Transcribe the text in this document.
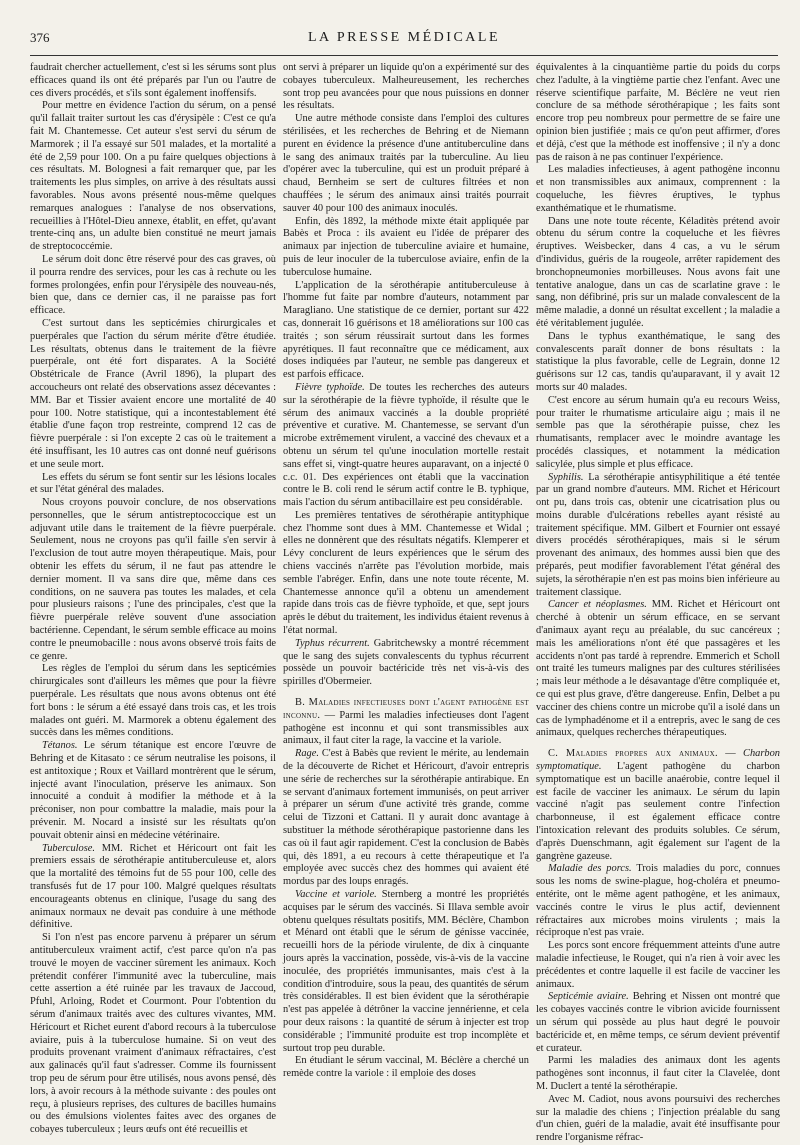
376	LA PRESSE MÉDICALE

faudrait chercher actuellement, c'est si les sérums sont plus efficaces quand ils ont été préparés par l'un ou l'autre de ces divers procédés, et s'ils sont également inoffensifs.

Pour mettre en évidence l'action du sérum, on a pensé qu'il fallait traiter surtout les cas d'érysipèle : C'est ce qu'a fait M. Chantemesse. Cet auteur s'est servi du sérum de Marmorek ; il l'a essayé sur 501 malades, et la mortalité a été de 2,59 pour 100. On a pu faire quelques objections à ces résultats. M. Bolognesi a fait remarquer que, par les traitements les plus simples, on arrive à des résultats aussi favorables. Nous avons présenté nous-même quelques remarques analogues : l'analyse de nos observations, recueillies à l'Hôtel-Dieu annexe, établit, en effet, qu'avant trente-cinq ans, un adulte bien constitué ne meurt jamais de streptococcémie.

Le sérum doit donc être réservé pour des cas graves, où il pourra rendre des services, pour les cas à rechute ou les formes prolongées, enfin pour l'érysipèle des nouveau-nés, bien que, dans ce dernier cas, il ne paraisse pas fort efficace.

C'est surtout dans les septicémies chirurgicales et puerpérales que l'action du sérum mérite d'être étudiée. Les résultats, obtenus dans le traitement de la fièvre puerpérale, ont été fort disparates. A la Société Obstétricale de France (Avril 1896), la plupart des accoucheurs ont relaté des observations assez décevantes : MM. Bar et Tissier avaient encore une mortalité de 40 pour 100. Notre statistique, qui a incontestablement été établie d'une façon trop restreinte, comprend 12 cas de fièvre puerpérale : si l'on excepte 2 cas où le traitement a été insuffisant, les 10 autres cas ont donné neuf guérisons et une seule mort.

Les effets du sérum se font sentir sur les lésions locales et sur l'état général des malades.

Nous croyons pouvoir conclure, de nos observations personnelles, que le sérum antistreptococcique est un adjuvant utile dans le traitement de la fièvre puerpérale. Seulement, nous ne croyons pas qu'il faille s'en servir à l'exclusion de tout autre moyen thérapeutique. Mais, pour obtenir les effets du sérum, il ne faut pas attendre le dernier moment. Il va sans dire que, même dans ces conditions, on ne sauvera pas toutes les malades, et cela pour plusieurs raisons ; l'une des principales, c'est que la fièvre puerpérale relève souvent d'une association bactérienne. Cependant, le sérum semble efficace au moins contre le pneumobacille : nous avons observé trois faits de ce genre.

Les règles de l'emploi du sérum dans les septicémies chirurgicales sont d'ailleurs les mêmes que pour la fièvre puerpérale. Les résultats que nous avons obtenus ont été fort bons : le sérum a été essayé dans trois cas, et les trois malades ont guéri. M. Marmorek a obtenu également des succès dans les mêmes conditions.

Tétanos. Le sérum tétanique est encore l'œuvre de Behring et de Kitasato : ce sérum neutralise les poisons, il est antitoxique ; Roux et Vaillard montrèrent que le sérum, injecté avant l'inoculation, préserve les animaux. Son innocuité a conduit à modifier la méthode et à la préconiser, non pour combattre la maladie, mais pour la prévenir. M. Nocard a insisté sur les résultats qu'on pouvait obtenir ainsi en médecine vétérinaire.

Tuberculose. MM. Richet et Héricourt ont fait les premiers essais de sérothérapie antituberculeuse et, alors que la mortalité des témoins fut de 55 pour 100, celle des transfusés fut de 17 pour 100. Malgré quelques résultats encourageants obtenus en clinique, l'usage du sang des animaux normaux ne devait pas conduire à une méthode définitive.

Si l'on n'est pas encore parvenu à préparer un sérum antituberculeux vraiment actif, c'est parce qu'on n'a pas trouvé le moyen de vacciner sûrement les animaux. Koch prétendit conférer l'immunité avec la tuberculine, mais cette assertion a été ruinée par les travaux de Jaccoud, Pfuhl, Arloing, Rodet et Courmont. Pour l'obtention du sérum d'animaux traités avec des cultures vivantes, MM. Héricourt et Richet eurent d'abord recours à la tuberculose aviaire, puis à la tuberculose humaine. Si on veut des produits provenant vraiment d'animaux réfractaires, c'est aux galinacés qu'il faut s'adresser. Comme ils fournissent trop peu de sérum pour être utilisés, nous avons pensé, dès lors, à avoir recours à la méthode suivante : des poules ont reçu, à plusieurs reprises, des cultures de bacilles humains ou des émulsions violentes faites avec des organes de cobayes tuberculeux ; leurs œufs ont été recueillis et

ont servi à préparer un liquide qu'on a expérimenté sur des cobayes tuberculeux. Malheureusement, les recherches sont trop peu avancées pour que nous puissions en donner les résultats.

Une autre méthode consiste dans l'emploi des cultures stérilisées, et les recherches de Behring et de Niemann purent en évidence la présence d'une antituberculine dans le sang des animaux traités par la tuberculine. Au lieu d'opérer avec la tuberculine, qui est un produit préparé à chaud, Bernheim se sert de cultures filtrées et non chauffées ; le sérum des animaux ainsi traités pourrait sauver 40 pour 100 des animaux inoculés.

Enfin, dès 1892, la méthode mixte était appliquée par Babès et Proca : ils avaient eu l'idée de préparer des animaux par injection de tuberculine aviaire et humaine, puis de leur inoculer de la tuberculose aviaire, enfin de la tuberculose humaine.

L'application de la sérothérapie antituberculeuse à l'homme fut faite par nombre d'auteurs, notamment par Maragliano. Une statistique de ce dernier, portant sur 422 cas, donnerait 16 guérisons et 18 améliorations sur 100 cas traités ; son sérum réussirait surtout dans les formes apyrétiques. Il faut reconnaître que ce médicament, aux doses indiquées par l'auteur, ne semble pas dangereux et est parfois efficace.

Fièvre typhoïde. De toutes les recherches des auteurs sur la sérothérapie de la fièvre typhoïde, il résulte que le sérum des animaux vaccinés a la double propriété préventive et curative. M. Chantemesse, se servant d'un microbe extrêmement virulent, a vacciné des chevaux et a obtenu un sérum tel qu'une inoculation mortelle restait sans effet si, vingt-quatre heures auparavant, on a injecté 0 c.c. 01. Des expériences ont établi que la vaccination contre le B. coli rend le sérum actif contre le B. typhique, mais l'action du sérum antibacillaire est peu considérable.

Les premières tentatives de sérothérapie antityphique chez l'homme sont dues à MM. Chantemesse et Widal ; elles ne donnèrent que des résultats négatifs. Klemperer et Lévy conclurent de leurs expériences que le sérum des chiens vaccinés n'arrête pas l'évolution morbide, mais semble l'abréger. Enfin, dans une note toute récente, M. Chantemesse annonce qu'il a obtenu un amendement rapide dans trois cas de fièvre typhoïde, et que, sept jours après le début du traitement, les individus étaient revenus à l'état normal.

Typhus récurrent. Gabritchewsky a montré récemment que le sang des sujets convalescents du typhus récurrent possède un pouvoir bactéricide très net vis-à-vis des spirilles d'Obermeier.

B. Maladies infectieuses dont l'agent pathogène est inconnu. — Parmi les maladies infectieuses dont l'agent pathogène est inconnu et qui sont transmissibles aux animaux, il faut citer la rage, la vaccine et la variole.

Rage. C'est à Babès que revient le mérite, au lendemain de la découverte de Richet et Héricourt, d'avoir entrepris une série de recherches sur la sérothérapie antirabique. En se servant d'animaux fortement immunisés, on peut arriver à préparer un sérum d'une activité très grande, comme celui de Tizzoni et Cattani. Il y aurait donc avantage à substituer la méthode sérothérapique pastorienne dans les cas où il faut agir rapidement. C'est la conclusion de Babès qui, dès 1891, a eu recours à cette thérapeutique et l'a employée avec succès chez des hommes qui avaient été mordus par des loups enragés.

Vaccine et variole. Sternberg a montré les propriétés acquises par le sérum des vaccinés. Si Illava semble avoir obtenu quelques résultats positifs, MM. Béclère, Chambon et Ménard ont établi que le sérum de génisse vaccinée, recueilli hors de la période virulente, de dix à cinquante jours après la vaccination, possède, vis-à-vis de la vaccine inoculée, des propriétés immunisantes, mais c'est à la condition d'introduire, sous la peau, des quantités de sérum très considérables. Il est bien évident que la sérothérapie n'est pas appelée à détrôner la vaccine jennérienne, et cela pour deux raisons : la quantité de sérum à injecter est trop considérable ; l'immunité produite est trop incomplète et surtout trop peu durable.

En étudiant le sérum vaccinal, M. Béclère a cherché un remède contre la variole : il emploie des doses

équivalentes à la cinquantième partie du poids du corps chez l'adulte, à la vingtième partie chez l'enfant. Avec une réserve scientifique parfaite, M. Béclère ne veut rien conclure de sa méthode sérothérapique ; les faits sont encore trop peu nombreux pour permettre de se faire une opinion bien justifiée ; mais ce qu'on peut affirmer, d'ores et déjà, c'est que la méthode est inoffensive ; il n'y a donc pas de raison à ne pas continuer l'expérience.

Les maladies infectieuses, à agent pathogène inconnu et non transmissibles aux animaux, comprennent : la coqueluche, les fièvres éruptives, le typhus exanthématique et le rhumatisme.

Dans une note toute récente, Kéladitès prétend avoir obtenu du sérum contre la coqueluche et les fièvres éruptives. Weisbecker, dans 4 cas, a vu le sérum d'individus, guéris de la rougeole, arrêter rapidement des bronchopneumonies morbilleuses. Nous avons fait une tentative analogue, dans un cas de scarlatine grave : le sang, non défibriné, pris sur un malade convalescent de la même maladie, a donné un résultat excellent ; la maladie a été véritablement jugulée.

Dans le typhus exanthématique, le sang des convalescents paraît donner de bons résultats : la statistique la plus favorable, celle de Legrain, donne 12 guérisons sur 12 cas, tandis qu'auparavant, il y avait 12 morts sur 40 malades.

C'est encore au sérum humain qu'a eu recours Weiss, pour traiter le rhumatisme articulaire aigu ; mais il ne semble pas que la sérothérapie puisse, chez les rhumatisants, remplacer avec le moindre avantage les procédés classiques, et notamment la médication salicylée, plus simple et plus efficace.

Syphilis. La sérothérapie antisyphilitique a été tentée par un grand nombre d'auteurs. MM. Richet et Héricourt ont pu, dans trois cas, obtenir une cicatrisation plus ou moins durable d'ulcérations rebelles ayant résisté au traitement spécifique. MM. Gilbert et Fournier ont essayé divers procédés sérothérapiques, mais si le sérum provenant des animaux, des hommes aussi bien que des préparés, peut modifier favorablement l'état général des sujets, la sérothérapie n'en est pas moins bien inférieure au traitement classique.

Cancer et néoplasmes. MM. Richet et Héricourt ont cherché à obtenir un sérum efficace, en se servant d'animaux ayant reçu au préalable, du suc cancéreux ; mais les améliorations n'ont été que passagères et les accidents n'ont pas tardé à reprendre. Emmerich et Scholl ont traité les tumeurs malignes par des cultures stérilisées ; mais leur méthode a le désavantage d'être compliquée et, ce qui est plus grave, d'être dangereuse. Enfin, Delbet a pu vacciner des chiens contre un microbe qu'il a isolé dans un cas de lymphadénome et il a entrepris, avec le sang de ces animaux, quelques recherches thérapeutiques.

C. Maladies propres aux animaux. — Charbon symptomatique. L'agent pathogène du charbon symptomatique est un bacille anaérobie, contre lequel il est facile de vacciner les animaux. Le sérum du lapin vacciné n'agit pas seulement contre l'infection charbonneuse, il est également efficace contre l'intoxication relevant des produits solubles. Ce sérum, d'après Duenschmann, agit également sur l'agent de la gangrène gazeuse.

Maladie des porcs. Trois maladies du porc, connues sous les noms de swine-plague, hog-choléra et pneumo-entérite, ont le même agent pathogène, et les animaux, vaccinés contre le virus le plus actif, deviennent réfractaires aux microbes moins virulents ; mais la réciproque n'est pas vraie.

Les porcs sont encore fréquemment atteints d'une autre maladie infectieuse, le Rouget, qui n'a rien à voir avec les précédentes et contre laquelle il est facile de vacciner les animaux.

Septicémie aviaire. Behring et Nissen ont montré que les cobayes vaccinés contre le vibrion avicide fournissent un sérum qui possède au plus haut degré le pouvoir bactéricide et, en même temps, ce sérum devient préventif et curateur.

Parmi les maladies des animaux dont les agents pathogènes sont inconnus, il faut citer la Clavelée, dont M. Duclert a tenté la sérothérapie.

Avec M. Cadiot, nous avons poursuivi des recherches sur la maladie des chiens ; l'injection préalable du sang d'un chien, guéri de la maladie, avait été insuffisante pour rendre l'organisme réfrac-
